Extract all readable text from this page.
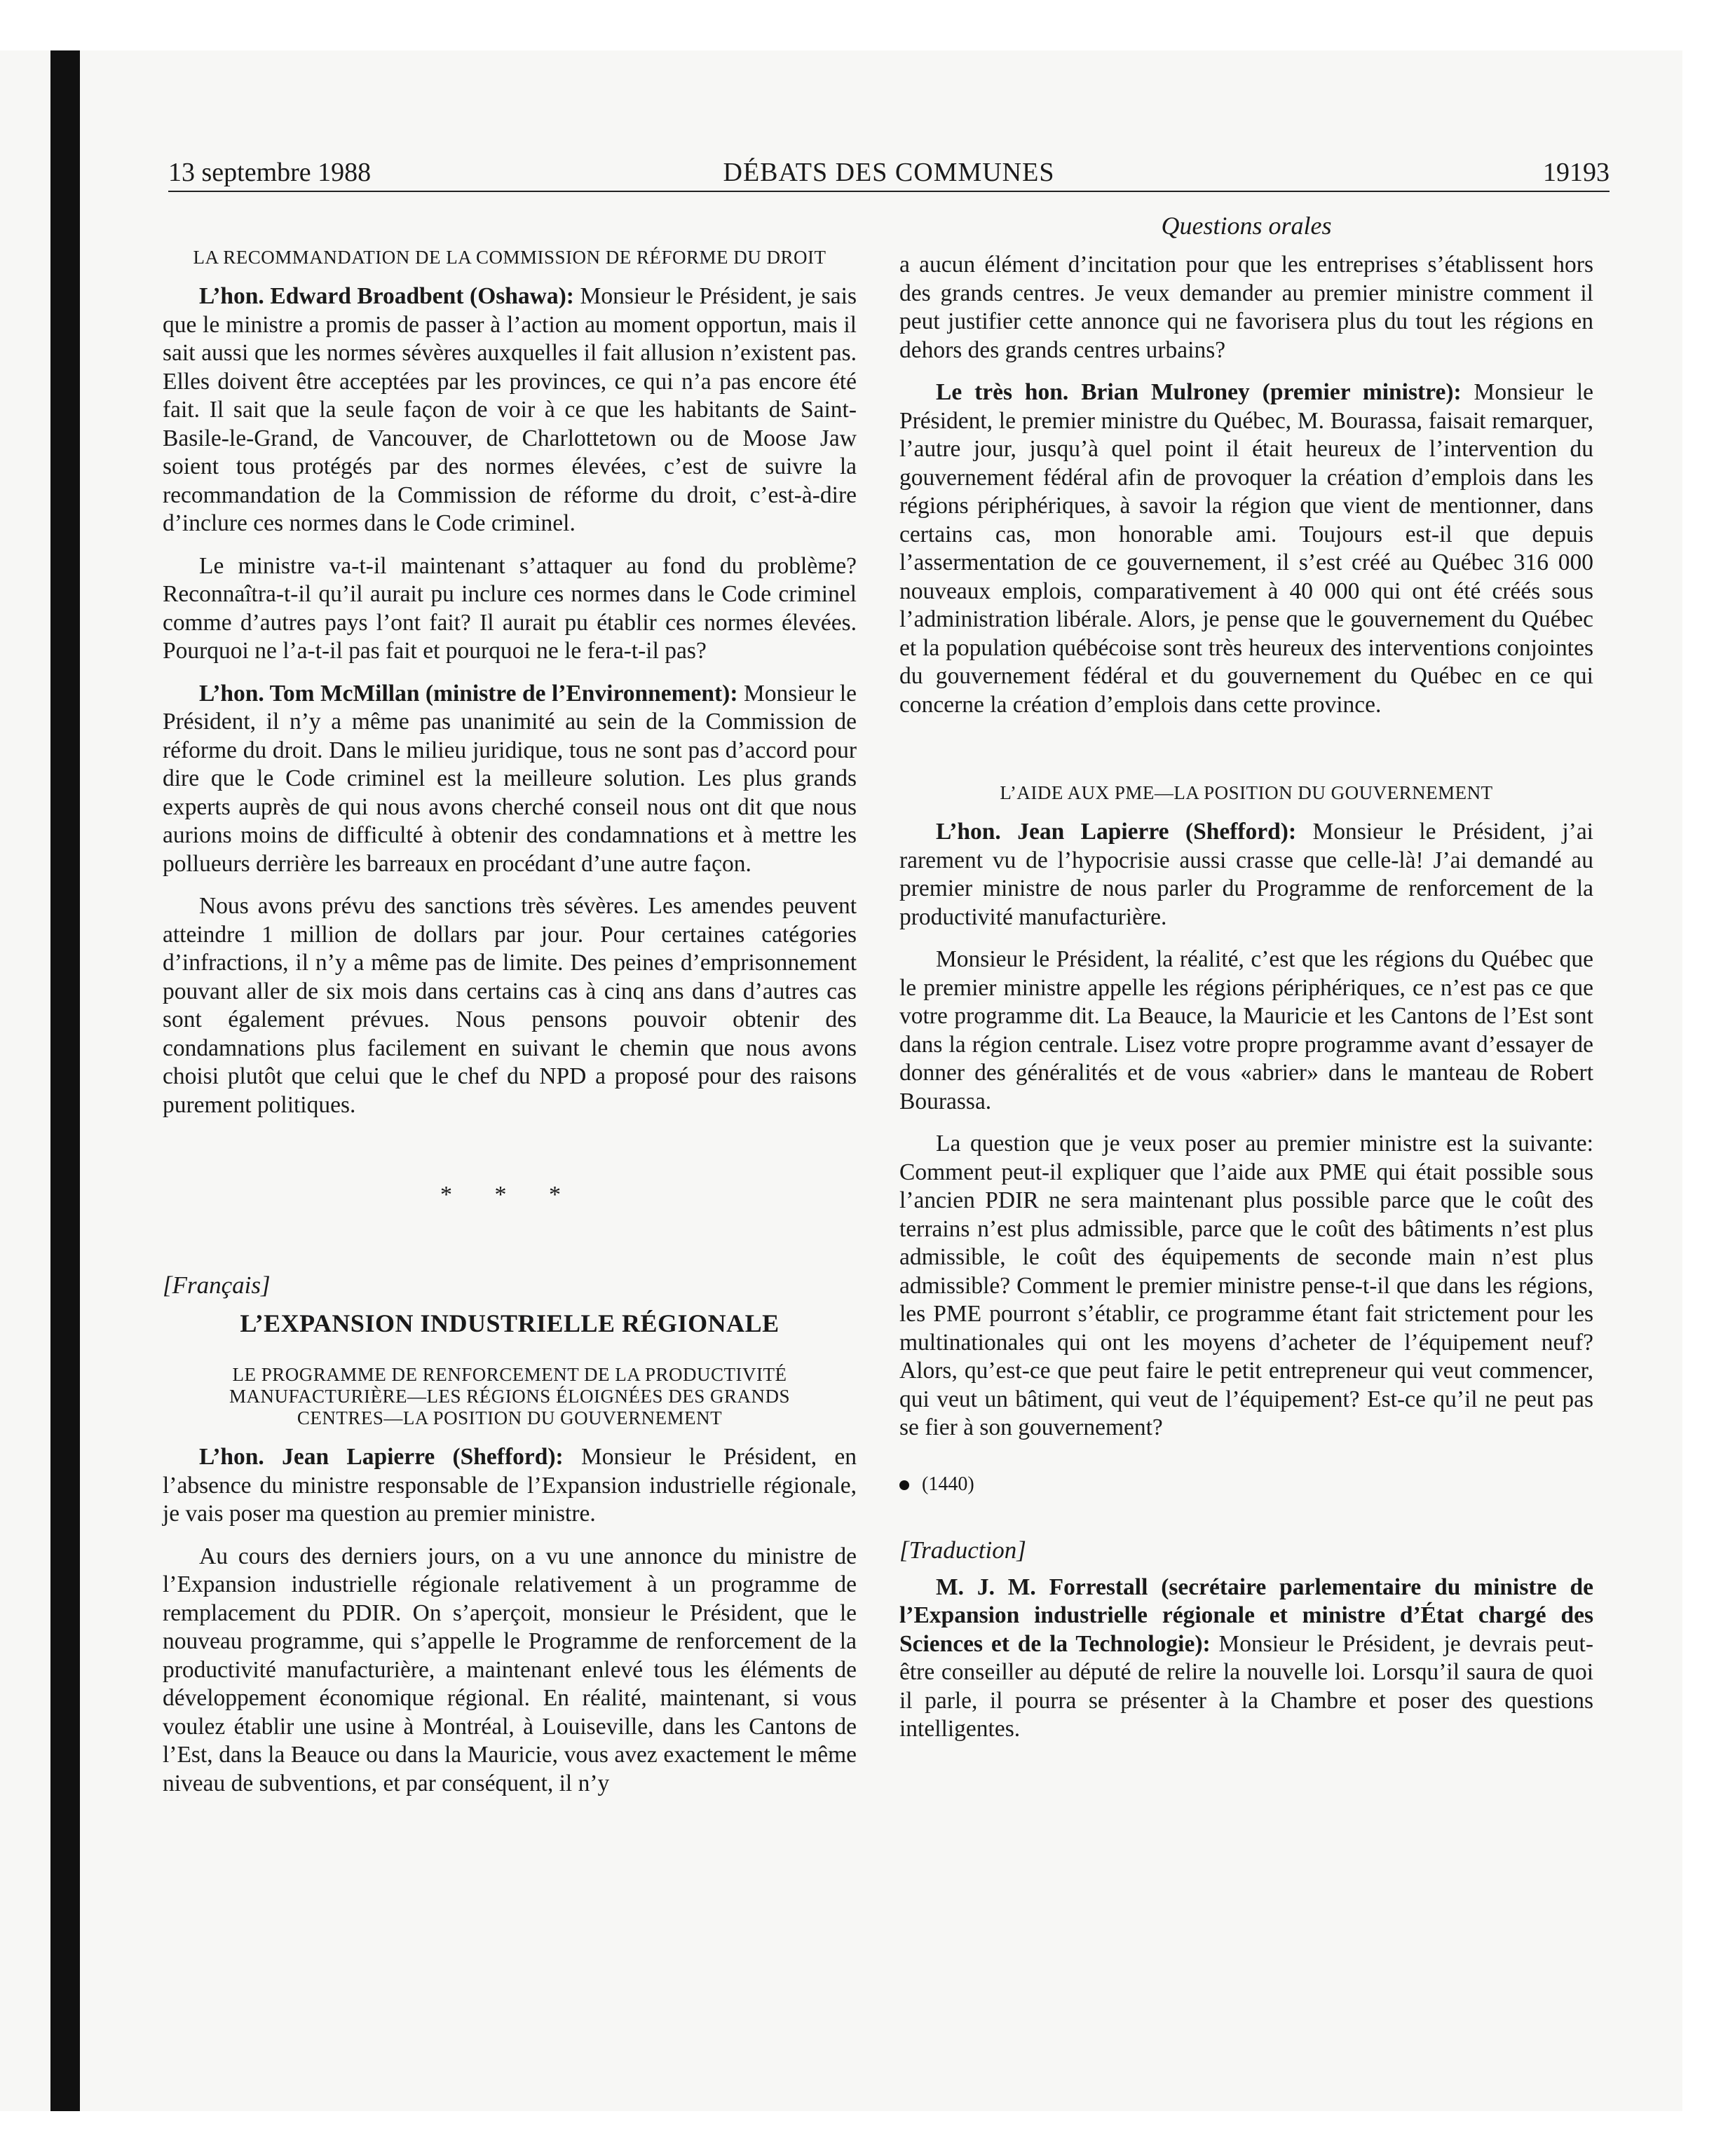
13 septembre 1988	DÉBATS DES COMMUNES	19193
LA RECOMMANDATION DE LA COMMISSION DE RÉFORME DU DROIT

L’hon. Edward Broadbent (Oshawa): Monsieur le Président, je sais que le ministre a promis de passer à l’action au moment opportun, mais il sait aussi que les normes sévères auxquelles il fait allusion n’existent pas. Elles doivent être acceptées par les provinces, ce qui n’a pas encore été fait. Il sait que la seule façon de voir à ce que les habitants de Saint-Basile-le-Grand, de Vancouver, de Charlottetown ou de Moose Jaw soient tous protégés par des normes élevées, c’est de suivre la recommandation de la Commission de réforme du droit, c’est-à-dire d’inclure ces normes dans le Code criminel.

Le ministre va-t-il maintenant s’attaquer au fond du problème? Reconnaîtra-t-il qu’il aurait pu inclure ces normes dans le Code criminel comme d’autres pays l’ont fait? Il aurait pu établir ces normes élevées. Pourquoi ne l’a-t-il pas fait et pourquoi ne le fera-t-il pas?

L’hon. Tom McMillan (ministre de l’Environnement): Monsieur le Président, il n’y a même pas unanimité au sein de la Commission de réforme du droit. Dans le milieu juridique, tous ne sont pas d’accord pour dire que le Code criminel est la meilleure solution. Les plus grands experts auprès de qui nous avons cherché conseil nous ont dit que nous aurions moins de difficulté à obtenir des condamnations et à mettre les pollueurs derrière les barreaux en procédant d’une autre façon.

Nous avons prévu des sanctions très sévères. Les amendes peuvent atteindre 1 million de dollars par jour. Pour certaines catégories d’infractions, il n’y a même pas de limite. Des peines d’emprisonnement pouvant aller de six mois dans certains cas à cinq ans dans d’autres cas sont également prévues. Nous pensons pouvoir obtenir des condamnations plus facilement en suivant le chemin que nous avons choisi plutôt que celui que le chef du NPD a proposé pour des raisons purement politiques.

* * *
[Français]
L’EXPANSION INDUSTRIELLE RÉGIONALE
LE PROGRAMME DE RENFORCEMENT DE LA PRODUCTIVITÉ MANUFACTURIÈRE—LES RÉGIONS ÉLOIGNÉES DES GRANDS CENTRES—LA POSITION DU GOUVERNEMENT

L’hon. Jean Lapierre (Shefford): Monsieur le Président, en l’absence du ministre responsable de l’Expansion industrielle régionale, je vais poser ma question au premier ministre.

Au cours des derniers jours, on a vu une annonce du ministre de l’Expansion industrielle régionale relativement à un programme de remplacement du PDIR. On s’aperçoit, monsieur le Président, que le nouveau programme, qui s’appelle le Programme de renforcement de la productivité manufacturière, a maintenant enlevé tous les éléments de développement économique régional. En réalité, maintenant, si vous voulez établir une usine à Montréal, à Louiseville, dans les Cantons de l’Est, dans la Beauce ou dans la Mauricie, vous avez exactement le même niveau de subventions, et par conséquent, il n’y

Questions orales

a aucun élément d’incitation pour que les entreprises s’établissent hors des grands centres. Je veux demander au premier ministre comment il peut justifier cette annonce qui ne favorisera plus du tout les régions en dehors des grands centres urbains?

Le très hon. Brian Mulroney (premier ministre): Monsieur le Président, le premier ministre du Québec, M. Bourassa, faisait remarquer, l’autre jour, jusqu’à quel point il était heureux de l’intervention du gouvernement fédéral afin de provoquer la création d’emplois dans les régions périphériques, à savoir la région que vient de mentionner, dans certains cas, mon honorable ami. Toujours est-il que depuis l’assermentation de ce gouvernement, il s’est créé au Québec 316 000 nouveaux emplois, comparativement à 40 000 qui ont été créés sous l’administration libérale. Alors, je pense que le gouvernement du Québec et la population québécoise sont très heureux des interventions conjointes du gouvernement fédéral et du gouvernement du Québec en ce qui concerne la création d’emplois dans cette province.

L’AIDE AUX PME—LA POSITION DU GOUVERNEMENT

L’hon. Jean Lapierre (Shefford): Monsieur le Président, j’ai rarement vu de l’hypocrisie aussi crasse que celle-là! J’ai demandé au premier ministre de nous parler du Programme de renforcement de la productivité manufacturière.

Monsieur le Président, la réalité, c’est que les régions du Québec que le premier ministre appelle les régions périphériques, ce n’est pas ce que votre programme dit. La Beauce, la Mauricie et les Cantons de l’Est sont dans la région centrale. Lisez votre propre programme avant d’essayer de donner des généralités et de vous «abrier» dans le manteau de Robert Bourassa.

La question que je veux poser au premier ministre est la suivante: Comment peut-il expliquer que l’aide aux PME qui était possible sous l’ancien PDIR ne sera maintenant plus possible parce que le coût des terrains n’est plus admissible, parce que le coût des bâtiments n’est plus admissible, le coût des équipements de seconde main n’est plus admissible? Comment le premier ministre pense-t-il que dans les régions, les PME pourront s’établir, ce programme étant fait strictement pour les multinationales qui ont les moyens d’acheter de l’équipement neuf? Alors, qu’est-ce que peut faire le petit entrepreneur qui veut commencer, qui veut un bâtiment, qui veut de l’équipement? Est-ce qu’il ne peut pas se fier à son gouvernement?

(1440)
[Traduction]

M. J. M. Forrestall (secrétaire parlementaire du ministre de l’Expansion industrielle régionale et ministre d’État chargé des Sciences et de la Technologie): Monsieur le Président, je devrais peut-être conseiller au député de relire la nouvelle loi. Lorsqu’il saura de quoi il parle, il pourra se présenter à la Chambre et poser des questions intelligentes.
